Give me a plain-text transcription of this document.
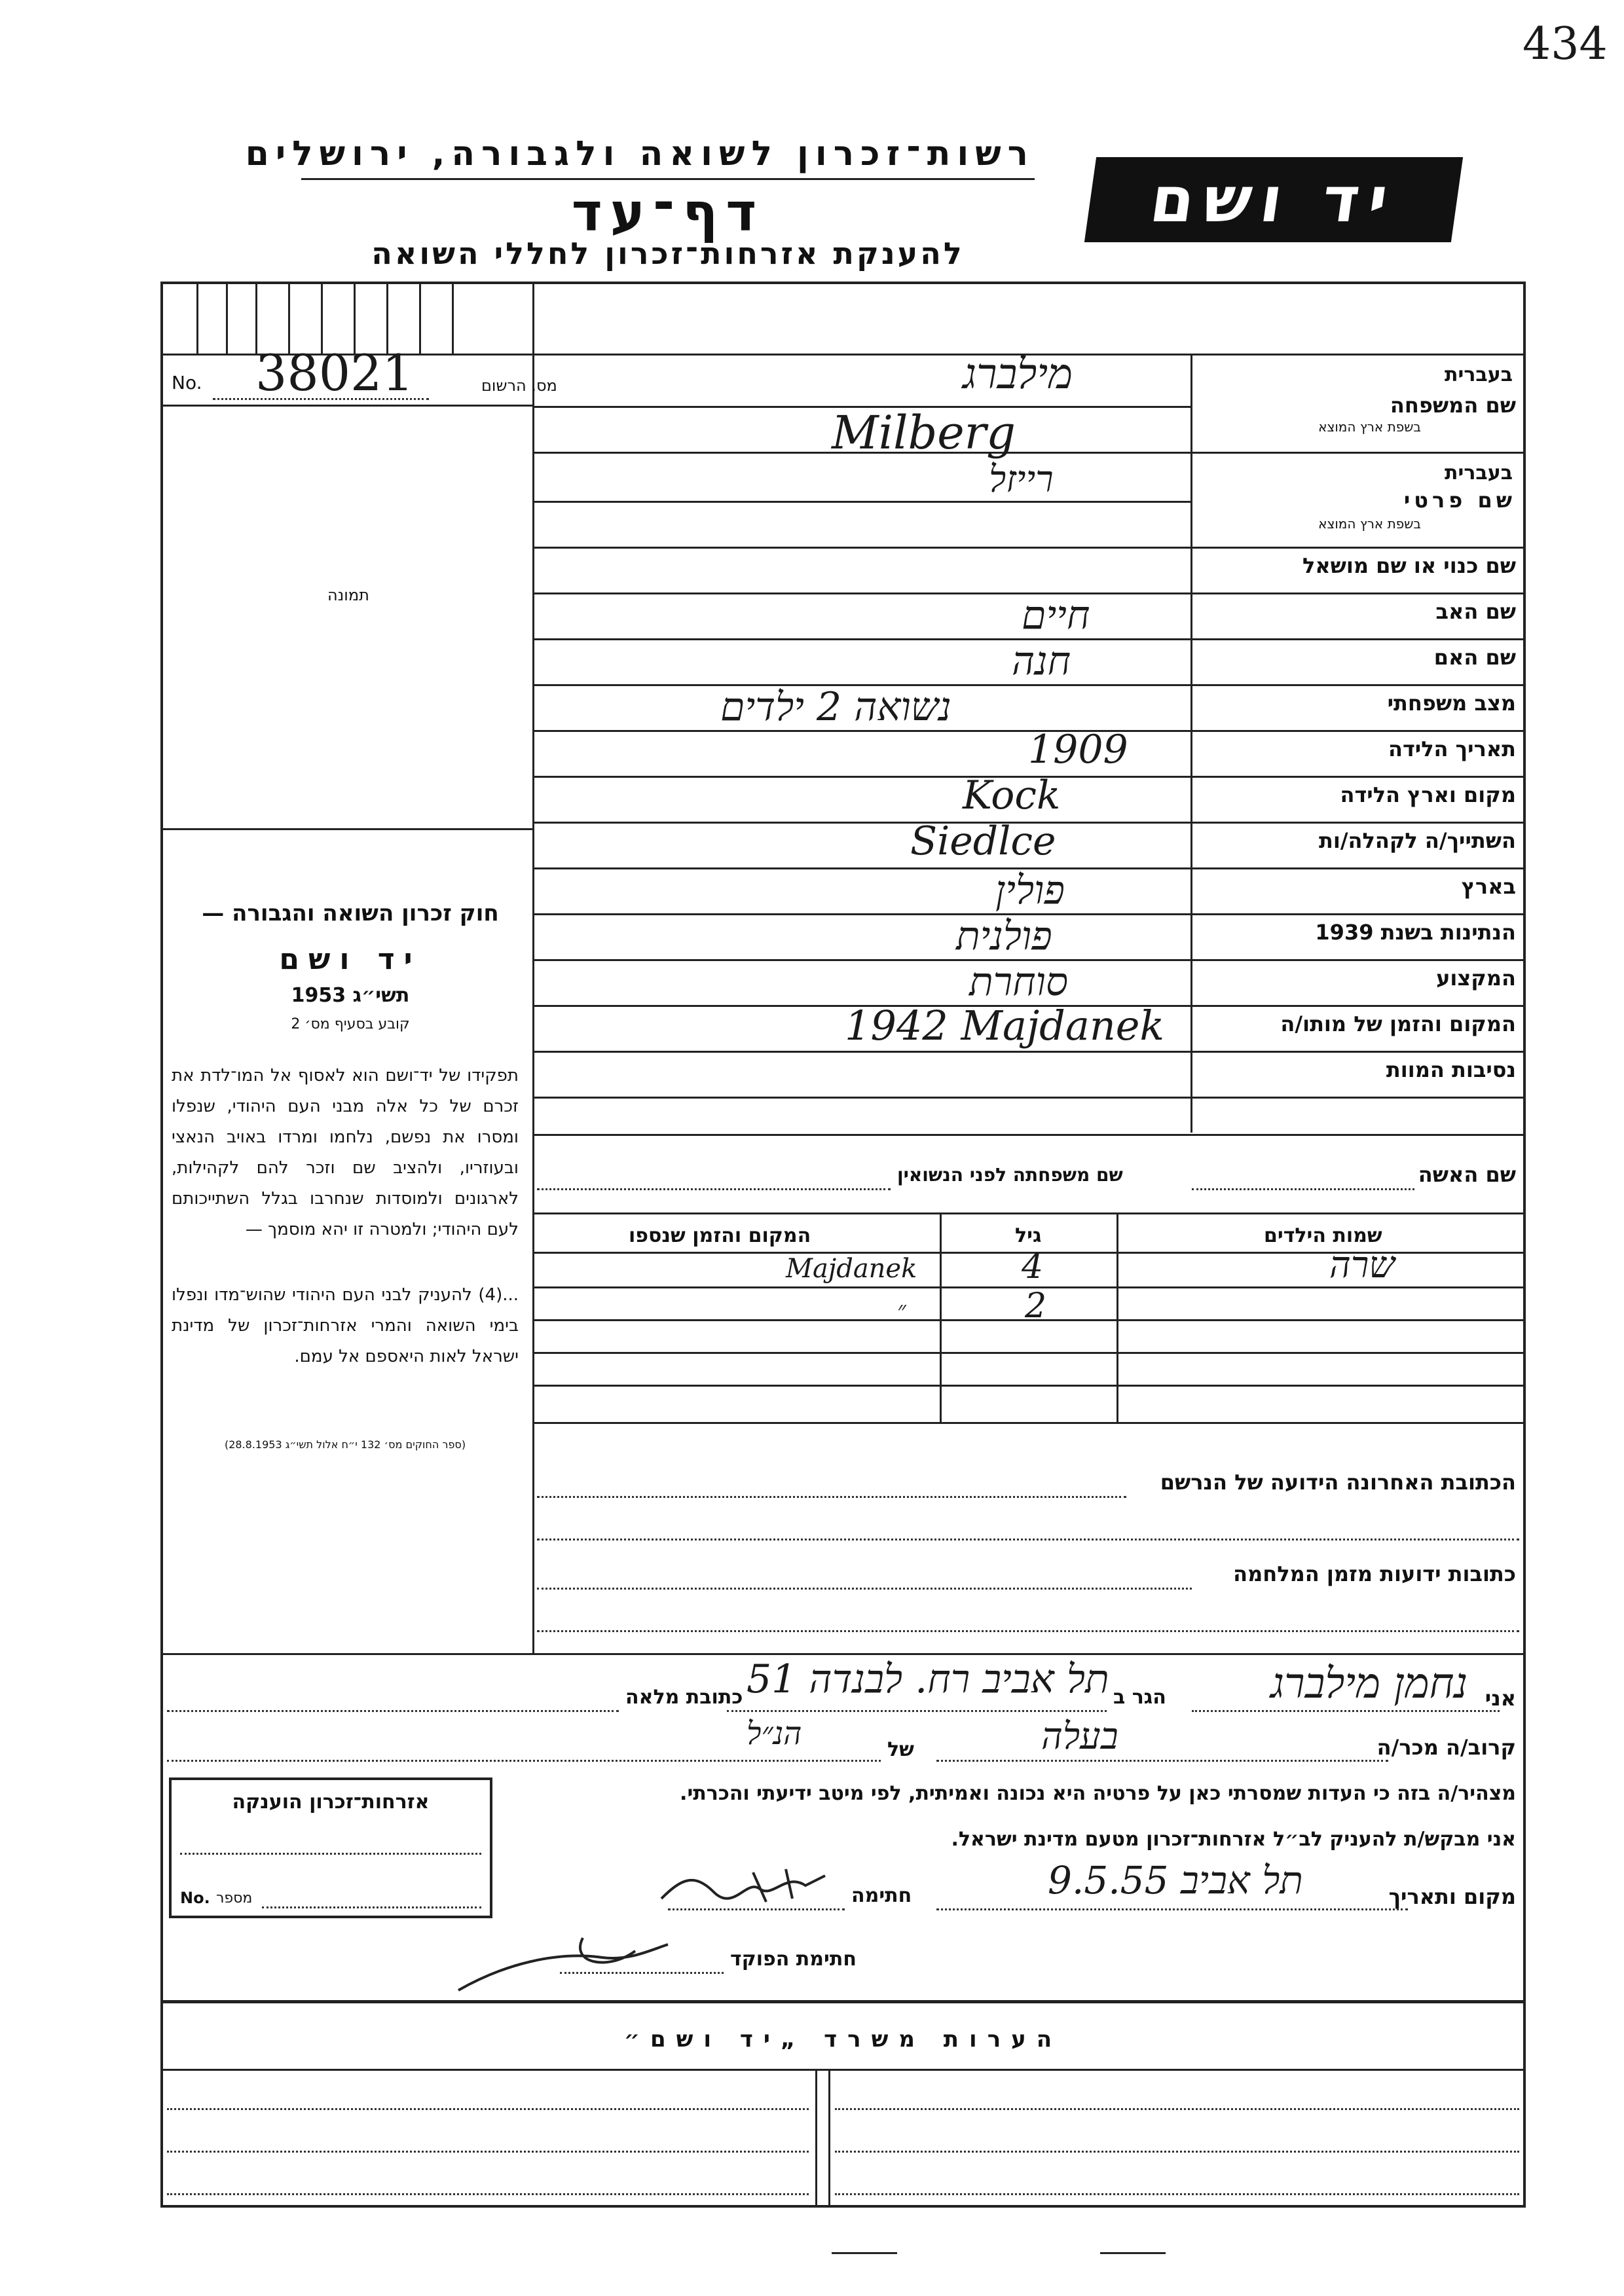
434
רשות־זכרון לשואה ולגבורה, ירושלים
דף־עד
להענקת אזרחות־זכרון לחללי השואה
יד ושם
No. 38021	מס. הרשום
תמונה
חוק זכרון השואה והגבורה —
יד ושם
תשי״ג 1953
קובע בסעיף מס׳ 2
תפקידו של יד־ושם הוא לאסוף אל המו־לדת את זכרם של כל אלה מבני העם היהודי, שנפלו ומסרו את נפשם, נלחמו ומרדו באויב הנאצי ובעוזריו, ולהציב שם וזכר להם לקהילות, לארגונים ולמוסדות שנחרבו בגלל השתייכותם לעם היהודי; ולמטרה זו יהא מוסמך —
...(4) להעניק לבני העם היהודי שהוש־מדו ונפלו בימי השואה והמרי אזרחות־זכרון של מדינת ישראל לאות היאספם אל עמם.
(ספר החוקים מס׳ 132 י״ח אלול תשי״ג 28.8.1953)
בעברית
שם המשפחה
בשפת ארץ המוצא
מילברג
Milberg
בעברית
שם פרטי
בשפת ארץ המוצא
רייזל
שם כנוי או שם מושאל
שם האב
חיים
שם האם
חנה
מצב משפחתי
נשואה 2 ילדים
תאריך הלידה
1909
מקום וארץ הלידה
Kock
השתייך/ה לקהלה/ות
Siedlce
בארץ
פולין
הנתינות בשנת 1939
פולנית
המקצוע
סוחרת
המקום והזמן של מותו/ה
1942 Majdanek
נסיבות המוות
שם האשה
שם משפחתה לפני הנשואין
שמות הילדים
גיל
המקום והזמן שנספו
שרה
4
Majdanek
2
״
הכתובת האחרונה הידועה של הנרשם
כתובות ידועות מזמן המלחמה
אני
נחמן מילברג
הגר ב
תל אביב רח. לבנדה 51
כתובת מלאה
קרוב/ה מכר/ה
בעלה
של
הנ״ל
מצהיר/ה בזה כי העדות שמסרתי כאן על פרטיה היא נכונה ואמיתית, לפי מיטב ידיעתי והכרתי.
אני מבקש/ת להעניק לב״ל אזרחות־זכרון מטעם מדינת ישראל.
מקום ותאריך
תל אביב 9.5.55
חתימה
חתימת הפוקד
אזרחות־זכרון הוענקה
No. מספר
הערות משרד „יד ושם״
